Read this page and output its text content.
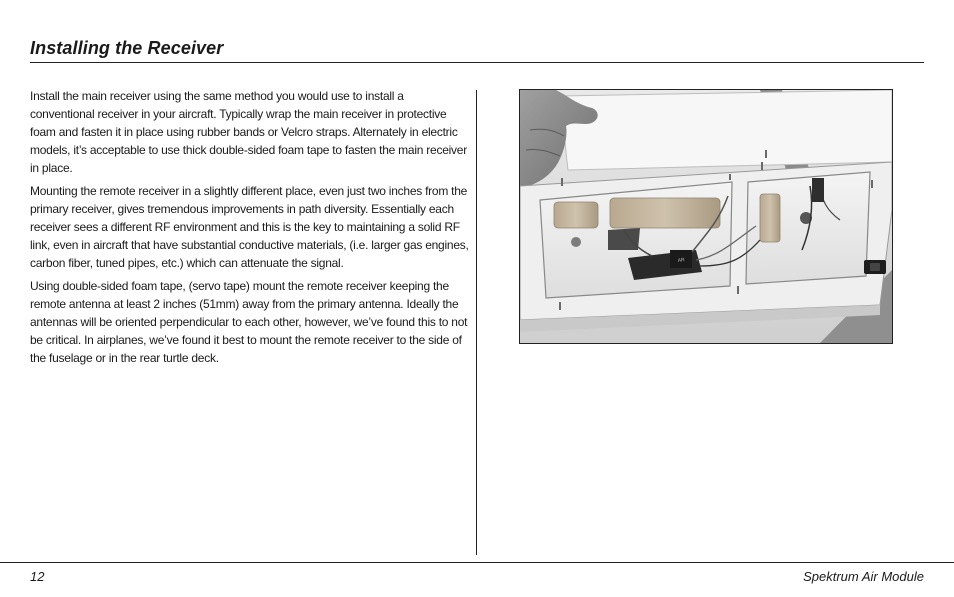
Installing the Receiver

Install the main receiver using the same method you would use to install a conventional receiver in your aircraft. Typically wrap the main receiver in protective foam and fasten it in place using rubber bands or Velcro straps. Alternately in electric models, it’s acceptable to use thick double-sided foam tape to fasten the main receiver in place.

Mounting the remote receiver in a slightly different place, even just two inches from the primary receiver, gives tremendous improvements in path diversity. Essentially each receiver sees a different RF environment and this is the key to maintaining a solid RF link, even in aircraft that have substantial conductive materials, (i.e. larger gas engines, carbon fiber, tuned pipes, etc.) which can attenuate the signal.

Using double-sided foam tape, (servo tape) mount the remote receiver keeping the remote antenna at least 2 inches (51mm) away from the primary antenna. Ideally the antennas will be oriented perpendicular to each other, however, we’ve found this to not be critical. In airplanes, we’ve found it best to mount the remote receiver to the side of the fuselage or in the rear turtle deck.

AR
12	Spektrum Air Module
